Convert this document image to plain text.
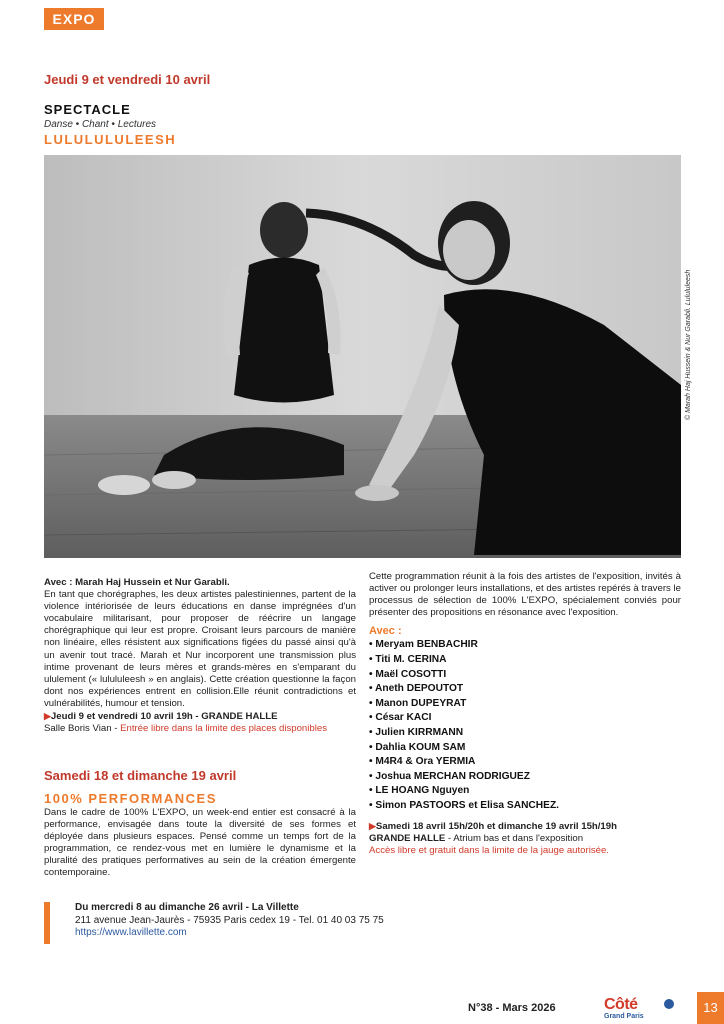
EXPO
Jeudi 9 et vendredi 10 avril
SPECTACLE
Danse • Chant • Lectures
LULULULULEESH
© Marah Haj Hussein & Nur Garabli. Lulululeesh

Avec : Marah Haj Hussein et Nur Garabli.

En tant que chorégraphes, les deux artistes palestiniennes, partent de la violence intériorisée de leurs éducations en danse imprégnées d'un vocabulaire militarisant, pour proposer de réécrire un langage chorégraphique qui leur est propre. Croisant leurs parcours de manière non linéaire, elles résistent aux significations figées du passé ainsi qu'à un avenir tout tracé. Marah et Nur incorporent une transmission plus intime provenant de leurs mères et grands-mères en s'emparant du ululement (« lulululeesh » en anglais). Cette création questionne la façon dont nos expériences entrent en collision.Elle réunit contradictions et vulnérabilités, humour et tension.

▶Jeudi 9 et vendredi 10 avril 19h - GRANDE HALLE

Salle Boris Vian - Entrée libre dans la limite des places disponibles

Samedi 18 et dimanche 19 avril
100% PERFORMANCES
Dans le cadre de 100% L'EXPO, un week-end entier est consacré à la performance, envisagée dans toute la diversité de ses formes et déployée dans plusieurs espaces. Pensé comme un temps fort de la programmation, ce rendez-vous met en lumière le dynamisme et la pluralité des pratiques performatives au sein de la création émergente contemporaine.

Cette programmation réunit à la fois des artistes de l'exposition, invités à activer ou prolonger leurs installations, et des artistes repérés à travers le processus de sélection de 100% L'EXPO, spécialement conviés pour présenter des propositions en résonance avec l'exposition.

Avec :

• Meryam BENBACHIR
• Titi M. CERINA
• Maël COSOTTI
• Aneth DEPOUTOT
• Manon DUPEYRAT
• César KACI
• Julien KIRRMANN
• Dahlia KOUM SAM
• M4R4 & Ora YERMIA
• Joshua MERCHAN RODRIGUEZ
• LE HOANG Nguyen
• Simon PASTOORS et Elisa SANCHEZ.

▶Samedi 18 avril 15h/20h et dimanche 19 avril 15h/19h

GRANDE HALLE - Atrium bas et dans l'exposition

Accès libre et gratuit dans la limite de la jauge autorisée.

Du mercredi 8 au dimanche 26 avril - La Villette

211 avenue Jean-Jaurès - 75935 Paris cedex 19 - Tel. 01 40 03 75 75

https://www.lavillette.com

N°38 - Mars 2026	Côté
Grand Paris
13
